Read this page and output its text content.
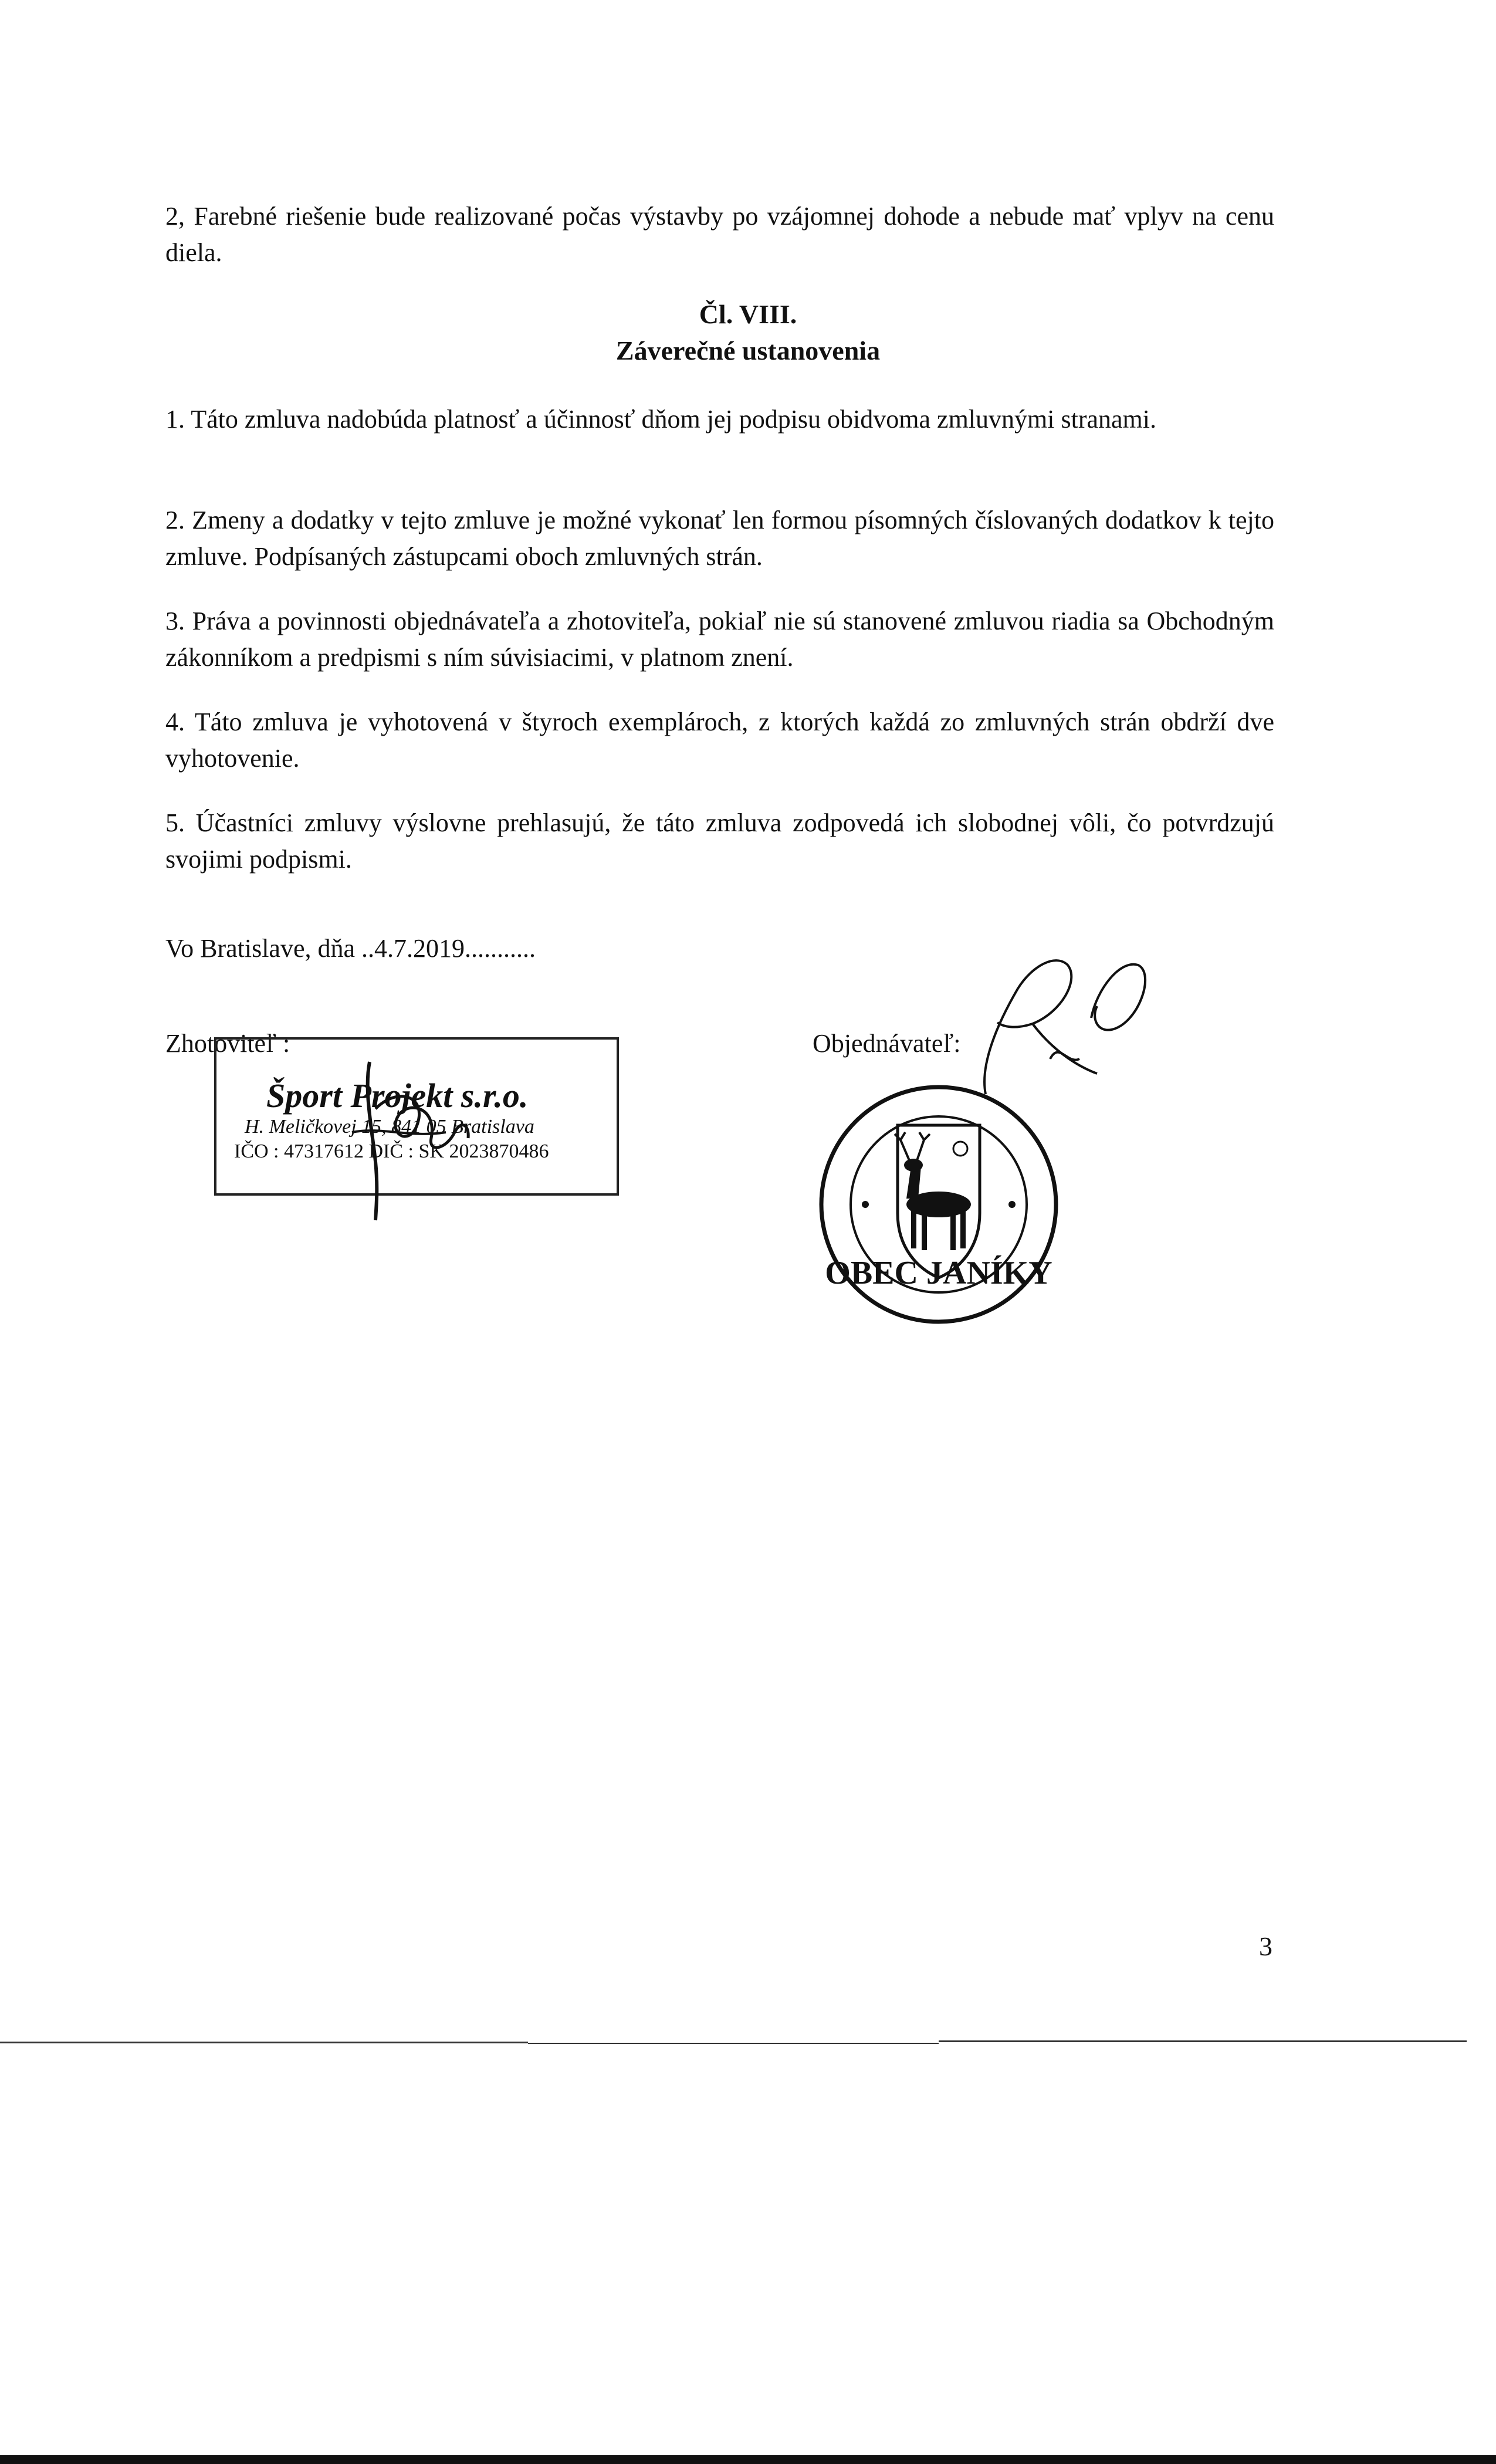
2, Farebné riešenie bude realizované počas výstavby po vzájomnej dohode a nebude mať vplyv na cenu diela.

Čl. VIII.

Záverečné ustanovenia

1. Táto zmluva nadobúda platnosť a účinnosť dňom jej podpisu obidvoma zmluvnými stranami.

2. Zmeny a dodatky v tejto zmluve je možné vykonať len formou písomných číslovaných dodatkov k tejto zmluve. Podpísaných zástupcami oboch zmluvných strán.

3. Práva a povinnosti objednávateľa a zhotoviteľa, pokiaľ nie sú stanovené zmluvou riadia sa Obchodným zákonníkom a predpismi s ním súvisiacimi, v platnom znení.

4. Táto zmluva je vyhotovená v štyroch exemplároch, z ktorých každá zo zmluvných strán obdrží dve vyhotovenie.

5. Účastníci zmluvy výslovne prehlasujú, že táto zmluva zodpovedá ich slobodnej vôli, čo potvrdzujú svojimi podpismi.

Vo Bratislave, dňa ..4.7.2019...........
Zhotoviteľ :
Šport Projekt s.r.o.
H. Meličkovej 15, 841 05 Bratislava
IČO : 47317612 DIČ : SK 2023870486
Objednávateľ:
OBEC JANÍKY
3
